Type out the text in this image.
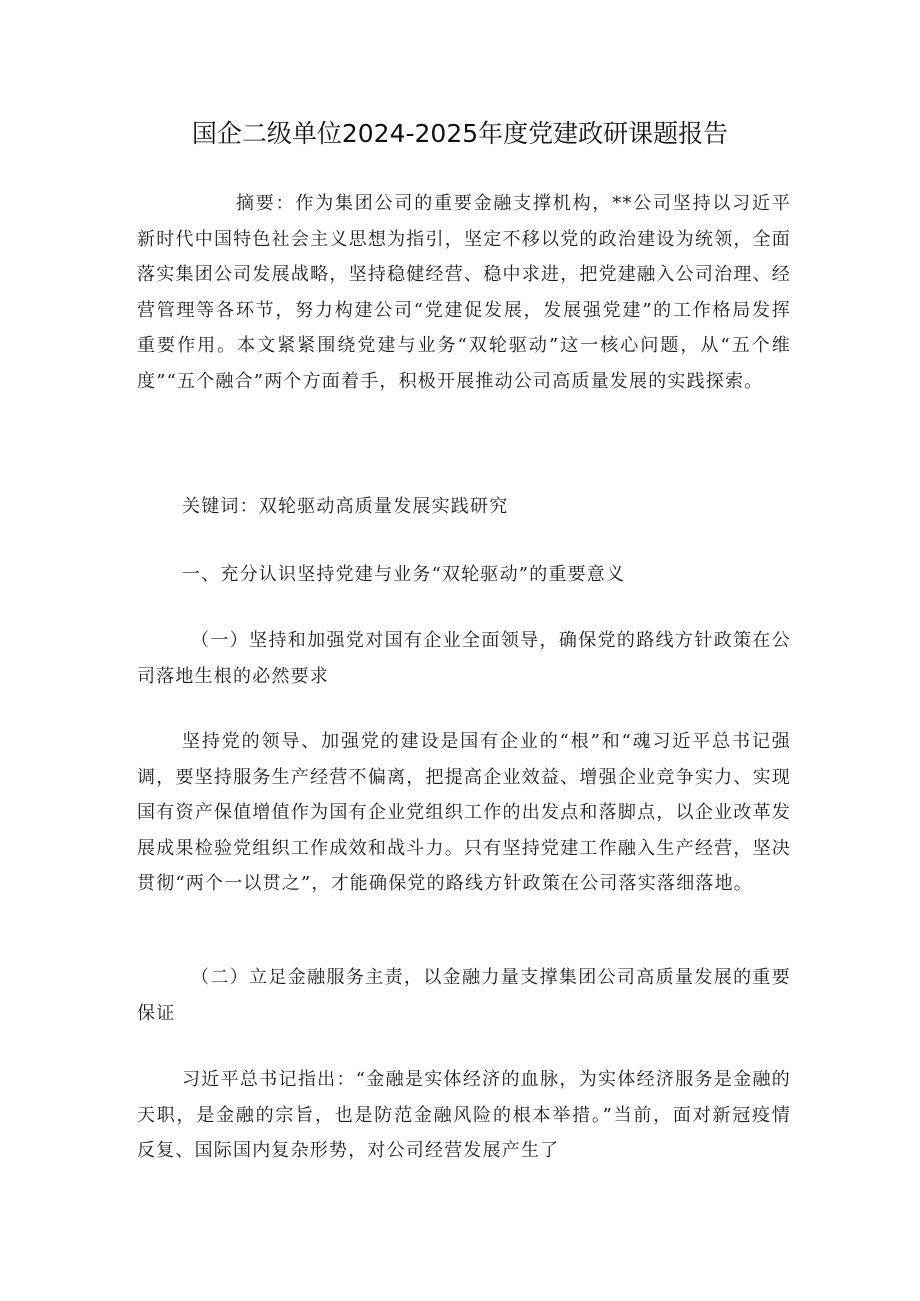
国企二级单位2024-2025年度党建政研课题报告

摘要：作为集团公司的重要金融支撑机构，**公司坚持以习近平新时代中国特色社会主义思想为指引，坚定不移以党的政治建设为统领，全面落实集团公司发展战略，坚持稳健经营、稳中求进，把党建融入公司治理、经营管理等各环节，努力构建公司“党建促发展，发展强党建”的工作格局发挥重要作用。本文紧紧围绕党建与业务“双轮驱动”这一核心问题，从“五个维度”“五个融合”两个方面着手，积极开展推动公司高质量发展的实践探索。

关键词：双轮驱动高质量发展实践研究

一、充分认识坚持党建与业务“双轮驱动”的重要意义

（一）坚持和加强党对国有企业全面领导，确保党的路线方针政策在公司落地生根的必然要求

坚持党的领导、加强党的建设是国有企业的“根”和“魂习近平总书记强调，要坚持服务生产经营不偏离，把提高企业效益、增强企业竞争实力、实现国有资产保值增值作为国有企业党组织工作的出发点和落脚点，以企业改革发展成果检验党组织工作成效和战斗力。只有坚持党建工作融入生产经营，坚决贯彻“两个一以贯之”，才能确保党的路线方针政策在公司落实落细落地。

（二）立足金融服务主责，以金融力量支撑集团公司高质量发展的重要保证

习近平总书记指出：“金融是实体经济的血脉，为实体经济服务是金融的天职，是金融的宗旨，也是防范金融风险的根本举措。”当前，面对新冠疫情反复、国际国内复杂形势，对公司经营发展产生了
